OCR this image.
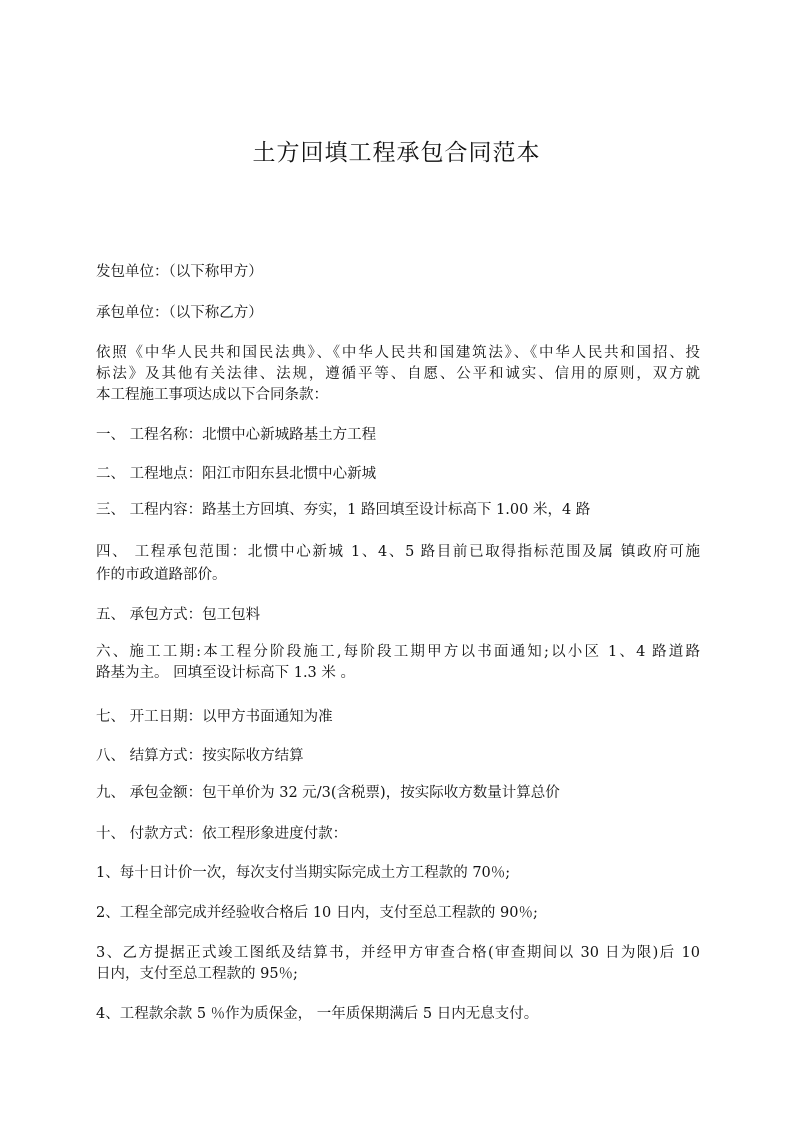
土方回填工程承包合同范本
发包单位：（以下称甲方）
承包单位：（以下称乙方）
依照《中华人民共和国民法典》、《中华人民共和国建筑法》、《中华人民共和国招、投
标法》及其他有关法律、法规，遵循平等、自愿、公平和诚实、信用的原则，双方就
本工程施工事项达成以下合同条款：
一、 工程名称：北惯中心新城路基土方工程
二、 工程地点：阳江市阳东县北惯中心新城
三、 工程内容：路基土方回填、夯实，1 路回填至设计标高下 1.00 米，4 路
四、 工程承包范围：北惯中心新城 1、4、5 路目前已取得指标范围及属 镇政府可施
作的市政道路部价。
五、 承包方式：包工包料
六、施工工期:本工程分阶段施工,每阶段工期甲方以书面通知;以小区 1、4 路道路
路基为主。 回填至设计标高下 1.3 米 。
七、 开工日期：以甲方书面通知为准
八、 结算方式：按实际收方结算
九、 承包金额：包干单价为 32 元/3(含税票)，按实际收方数量计算总价
十、 付款方式：依工程形象进度付款：
1、每十日计价一次，每次支付当期实际完成土方工程款的 70％;
2、工程全部完成并经验收合格后 10 日内，支付至总工程款的 90％;
3、乙方提据正式竣工图纸及结算书，并经甲方审查合格(审查期间以 30 日为限)后 10
日内，支付至总工程款的 95％;
4、工程款余款 5 ％作为质保金， 一年质保期满后 5 日内无息支付。
